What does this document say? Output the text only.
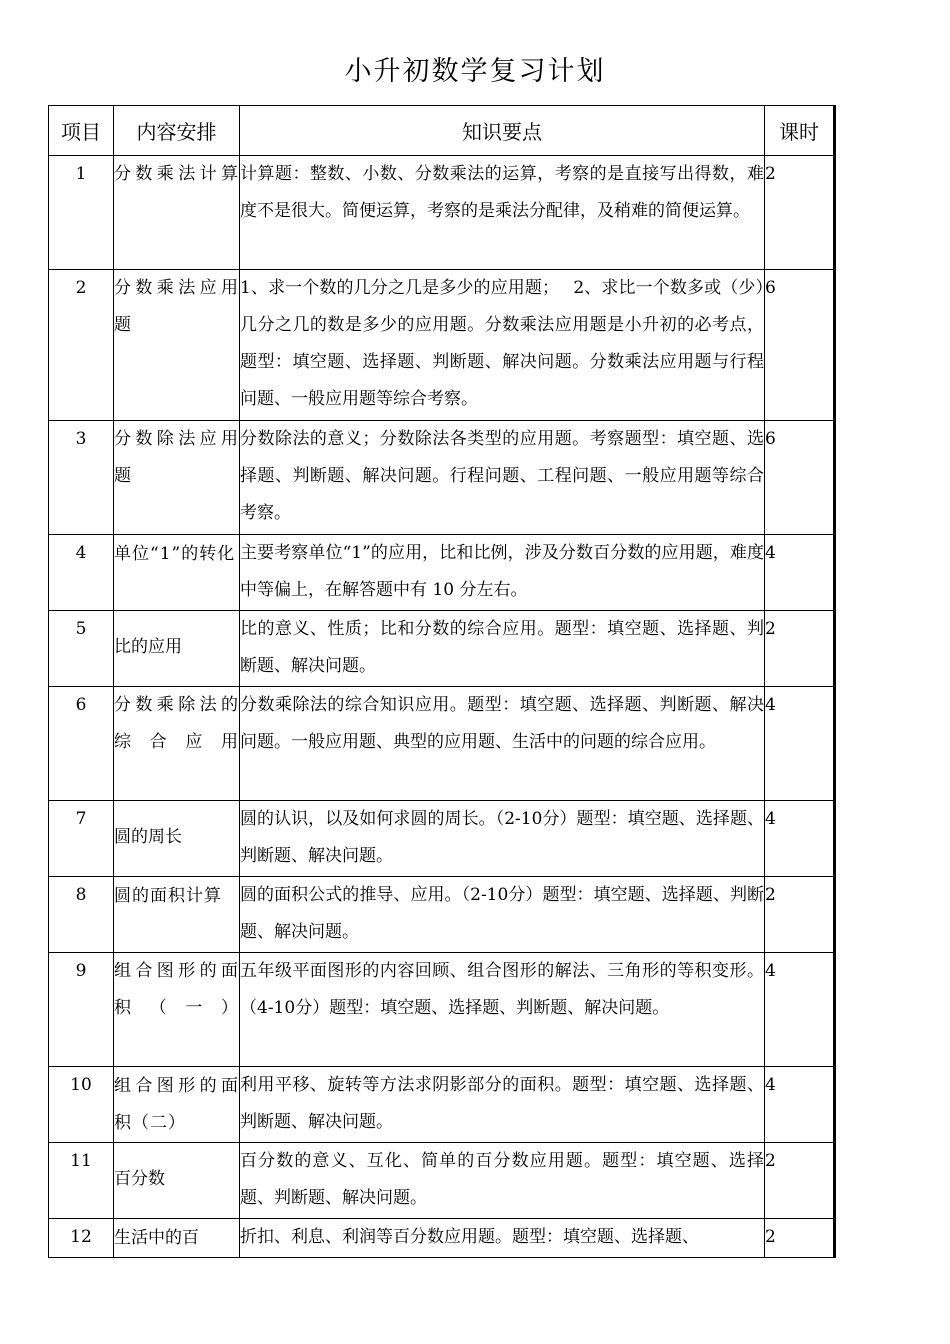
小升初数学复习计划
项目	内容安排	知识要点	课时
1	分数乘法计算	计算题：整数、小数、分数乘法的运算，考察的是直接写出得数，难度不是很大。简便运算，考察的是乘法分配律，及稍难的简便运算。	2
2	分数乘法应用题	1、求一个数的几分之几是多少的应用题；　 2、求比一个数多或（少）几分之几的数是多少的应用题。分数乘法应用题是小升初的必考点，题型：填空题、选择题、判断题、解决问题。分数乘法应用题与行程问题、一般应用题等综合考察。	6
3	分数除法应用题	分数除法的意义；分数除法各类型的应用题。考察题型：填空题、选择题、判断题、解决问题。行程问题、工程问题、一般应用题等综合考察。	6
4	单位“1”的转化	主要考察单位“1”的应用，比和比例，涉及分数百分数的应用题，难度中等偏上，在解答题中有 10 分左右。	4
5	比的应用	比的意义、性质；比和分数的综合应用。题型：填空题、选择题、判断题、解决问题。	2
6	分数乘除法的综合应用	分数乘除法的综合知识应用。题型：填空题、选择题、判断题、解决问题。一般应用题、典型的应用题、生活中的问题的综合应用。	4
7	圆的周长	圆的认识，以及如何求圆的周长。（2-10分）题型：填空题、选择题、判断题、解决问题。	4
8	圆的面积计算	圆的面积公式的推导、应用。（2-10分）题型：填空题、选择题、判断题、解决问题。	2
9	组合图形的面积（一）	五年级平面图形的内容回顾、组合图形的解法、三角形的等积变形。（4-10分）题型：填空题、选择题、判断题、解决问题。	4
10	组合图形的面积（二）	利用平移、旋转等方法求阴影部分的面积。题型：填空题、选择题、判断题、解决问题。	4
11	百分数	百分数的意义、互化、简单的百分数应用题。题型：填空题、选择题、判断题、解决问题。	2
12	生活中的百	折扣、利息、利润等百分数应用题。题型：填空题、选择题、	2
